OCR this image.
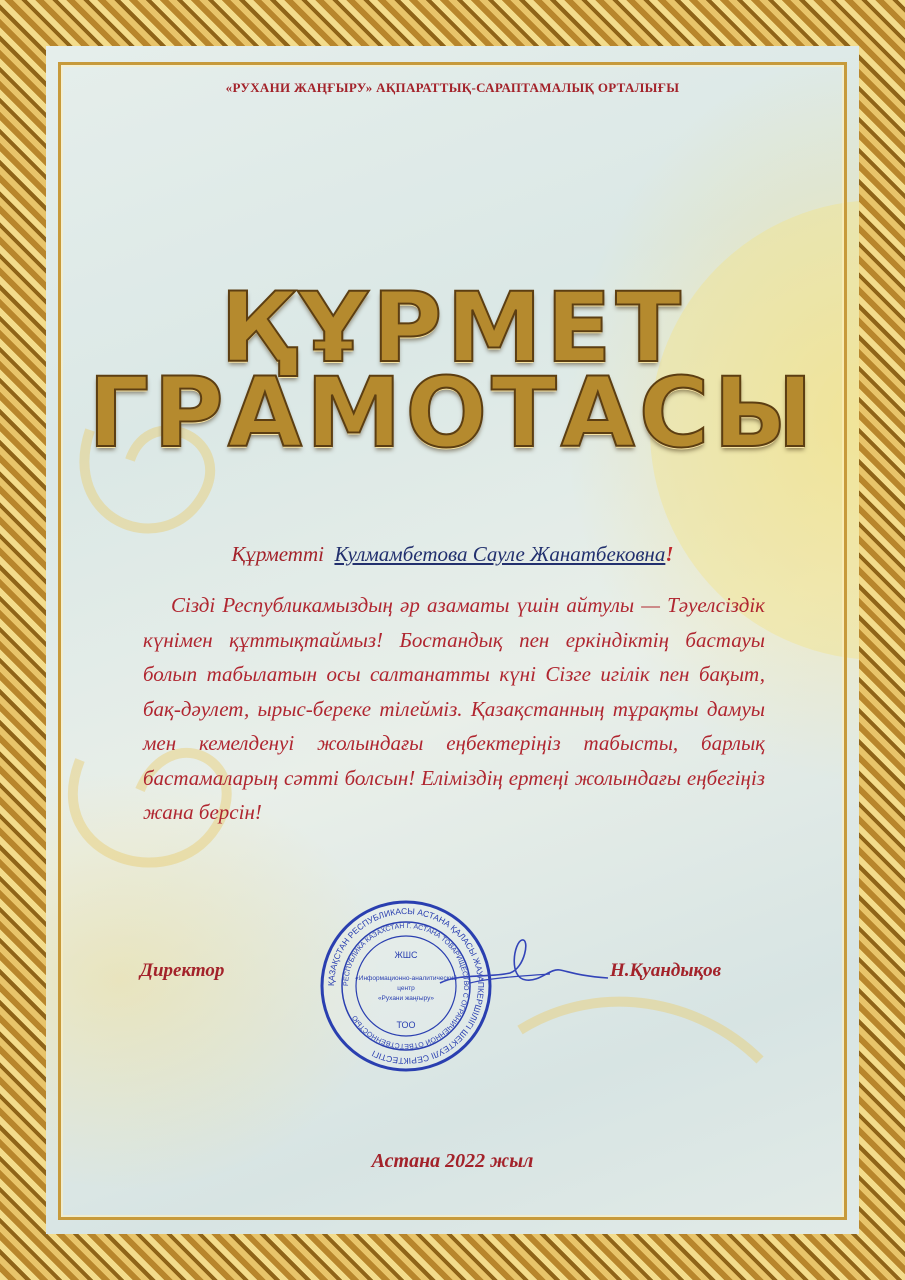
«РУХАНИ ЖАҢҒЫРУ» АҚПАРАТТЫҚ-САРАПТАМАЛЫҚ ОРТАЛЫҒЫ
ҚҰРМЕТ
ГРАМОТАСЫ
Құрметті Кулмамбетова Сауле Жанатбековна!
Сізді Республикамыздың әр азаматы үшін айтулы — Тәуелсіздік күнімен құттықтаймыз! Бостандық пен еркіндіктің бастауы болып табылатын осы салтанатты күні Сізге игілік пен бақыт, бақ-дәулет, ырыс-береке тілейміз. Қазақстанның тұрақты дамуы мен кемелденуі жолындағы еңбектеріңіз табысты, барлық бастамаларың сәтті болсын! Еліміздің ертеңі жолындағы еңбегіңіз жана берсін!
Директор
ҚАЗАҚСТАН РЕСПУБЛИКАСЫ АСТАНА ҚАЛАСЫ ЖАУАПКЕРШІЛІГІ ШЕКТЕУЛІ СЕРІКТЕСТІГІ
РЕСПУБЛИКА КАЗАХСТАН Г. АСТАНА ТОВАРИЩЕСТВО С ОГРАНИЧЕННОЙ ОТВЕТСТВЕННОСТЬЮ
ЖШС
«Информационно-аналитический
центр
«Рухани жаңғыру»
ТОО
Н.Қуандықов
Астана 2022 жыл
